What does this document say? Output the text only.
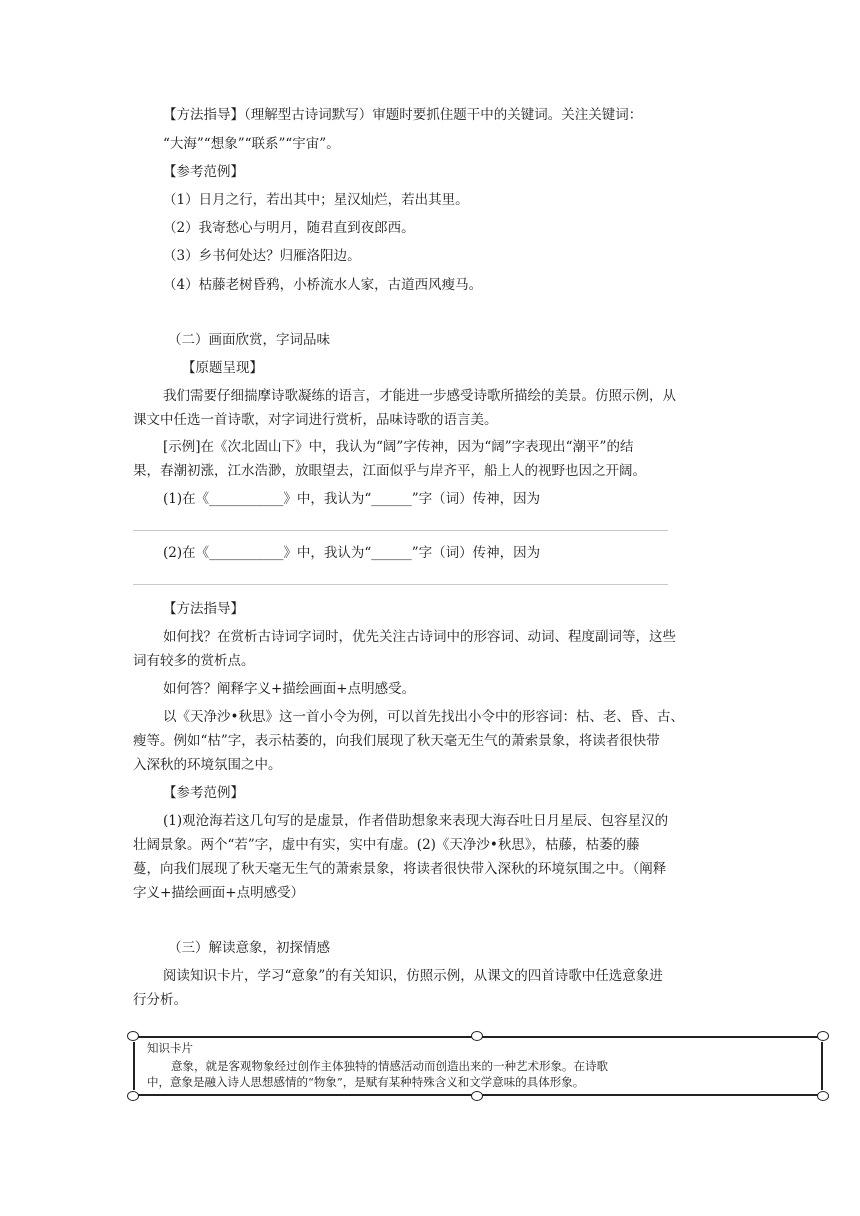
【方法指导】（理解型古诗词默写）审题时要抓住题干中的关键词。关注关键词：
“大海”“想象”“联系”“宇宙”。
【参考范例】
（1）日月之行，若出其中；星汉灿烂，若出其里。
（2）我寄愁心与明月，随君直到夜郎西。
（3）乡书何处达？归雁洛阳边。
（4）枯藤老树昏鸦，小桥流水人家，古道西风瘦马。
（二）画面欣赏，字词品味
【原题呈现】
我们需要仔细揣摩诗歌凝练的语言，才能进一步感受诗歌所描绘的美景。仿照示例，从
课文中任选一首诗歌，对字词进行赏析，品味诗歌的语言美。
[示例]在《次北固山下》中，我认为“阔”字传神，因为“阔”字表现出“潮平”的结
果，春潮初涨，江水浩渺，放眼望去，江面似乎与岸齐平，船上人的视野也因之开阔。
(1)在《___________》中，我认为“______”字（词）传神，因为
(2)在《___________》中，我认为“______”字（词）传神，因为
【方法指导】
如何找？在赏析古诗词字词时，优先关注古诗词中的形容词、动词、程度副词等，这些
词有较多的赏析点。
如何答？阐释字义+描绘画面+点明感受。
以《天净沙•秋思》这一首小令为例，可以首先找出小令中的形容词：枯、老、昏、古、
瘦等。例如“枯”字，表示枯萎的，向我们展现了秋天毫无生气的萧索景象，将读者很快带
入深秋的环境氛围之中。
【参考范例】
(1)观沧海若这几句写的是虚景，作者借助想象来表现大海吞吐日月星辰、包容星汉的
壮阔景象。两个“若”字，虚中有实，实中有虚。(2)《天净沙•秋思》，枯藤，枯萎的藤
蔓，向我们展现了秋天毫无生气的萧索景象，将读者很快带入深秋的环境氛围之中。（阐释
字义+描绘画面+点明感受）
（三）解读意象，初探情感
阅读知识卡片，学习“意象”的有关知识，仿照示例，从课文的四首诗歌中任选意象进
行分析。
知识卡片
意象，就是客观物象经过创作主体独特的情感活动而创造出来的一种艺术形象。在诗歌
中，意象是融入诗人思想感情的“物象”，是赋有某种特殊含义和文学意味的具体形象。
